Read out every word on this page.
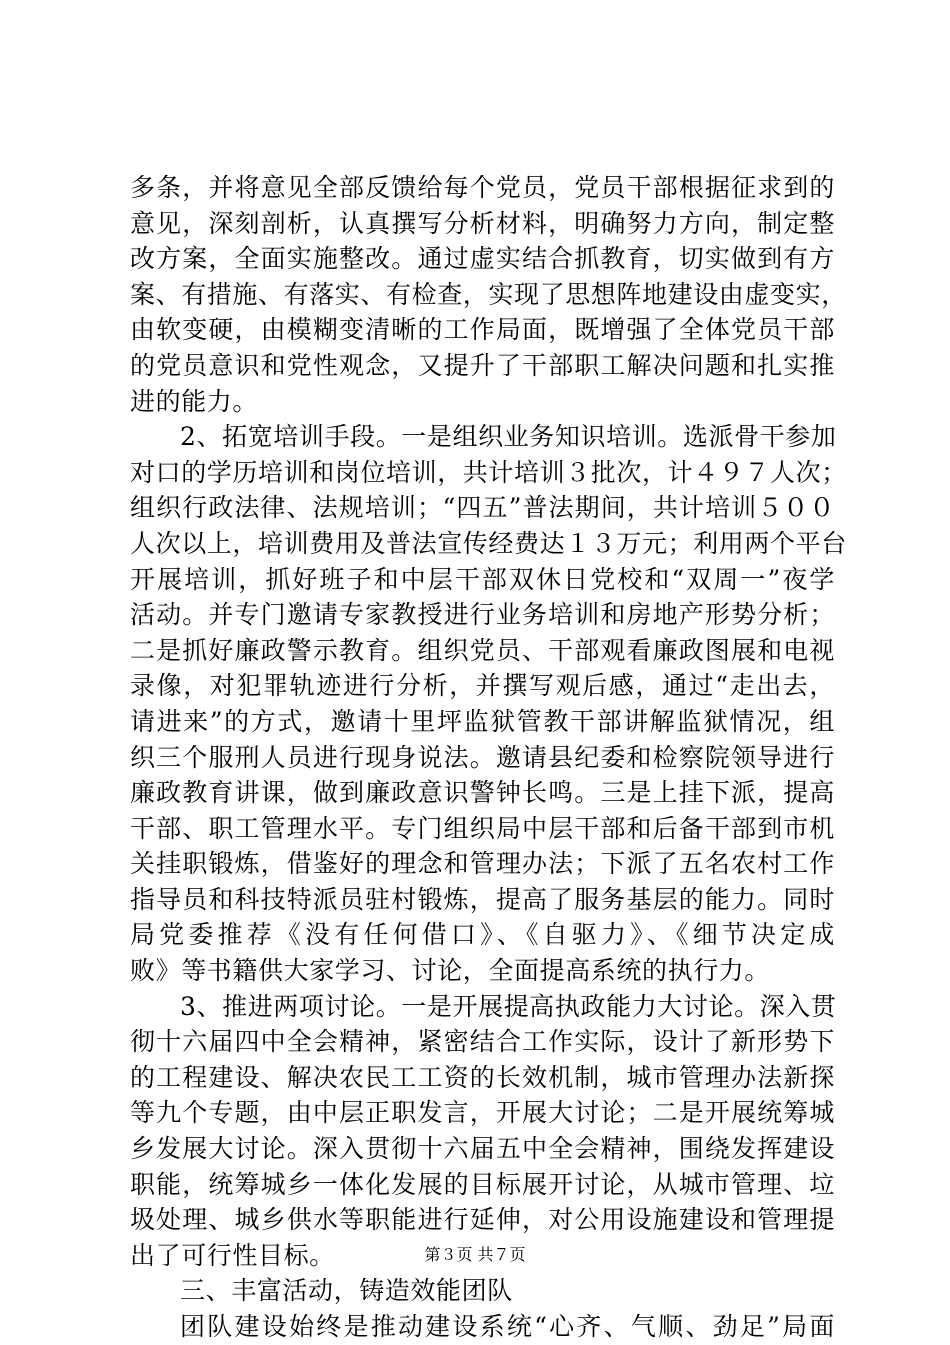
多条，并将意见全部反馈给每个党员，党员干部根据征求到的
意见，深刻剖析，认真撰写分析材料，明确努力方向，制定整
改方案，全面实施整改。通过虚实结合抓教育，切实做到有方
案、有措施、有落实、有检查，实现了思想阵地建设由虚变实，
由软变硬，由模糊变清晰的工作局面，既增强了全体党员干部
的党员意识和党性观念，又提升了干部职工解决问题和扎实推
进的能力。
2、拓宽培训手段。一是组织业务知识培训。选派骨干参加
对口的学历培训和岗位培训，共计培训３批次，计４９７人次；
组织行政法律、法规培训；“四五”普法期间，共计培训５００
人次以上，培训费用及普法宣传经费达１３万元；利用两个平台
开展培训，抓好班子和中层干部双休日党校和“双周一”夜学
活动。并专门邀请专家教授进行业务培训和房地产形势分析；
二是抓好廉政警示教育。组织党员、干部观看廉政图展和电视
录像，对犯罪轨迹进行分析，并撰写观后感，通过“走出去，
请进来”的方式，邀请十里坪监狱管教干部讲解监狱情况，组
织三个服刑人员进行现身说法。邀请县纪委和检察院领导进行
廉政教育讲课，做到廉政意识警钟长鸣。三是上挂下派，提高
干部、职工管理水平。专门组织局中层干部和后备干部到市机
关挂职锻炼，借鉴好的理念和管理办法；下派了五名农村工作
指导员和科技特派员驻村锻炼，提高了服务基层的能力。同时
局党委推荐《没有任何借口》、《自驱力》、《细节决定成
败》等书籍供大家学习、讨论，全面提高系统的执行力。
3、推进两项讨论。一是开展提高执政能力大讨论。深入贯
彻十六届四中全会精神，紧密结合工作实际，设计了新形势下
的工程建设、解决农民工工资的长效机制，城市管理办法新探
等九个专题，由中层正职发言，开展大讨论；二是开展统筹城
乡发展大讨论。深入贯彻十六届五中全会精神，围绕发挥建设
职能，统筹城乡一体化发展的目标展开讨论，从城市管理、垃
圾处理、城乡供水等职能进行延伸，对公用设施建设和管理提
出了可行性目标。
三、丰富活动，铸造效能团队
团队建设始终是推动建设系统“心齐、气顺、劲足”局面
第３页 共７页
